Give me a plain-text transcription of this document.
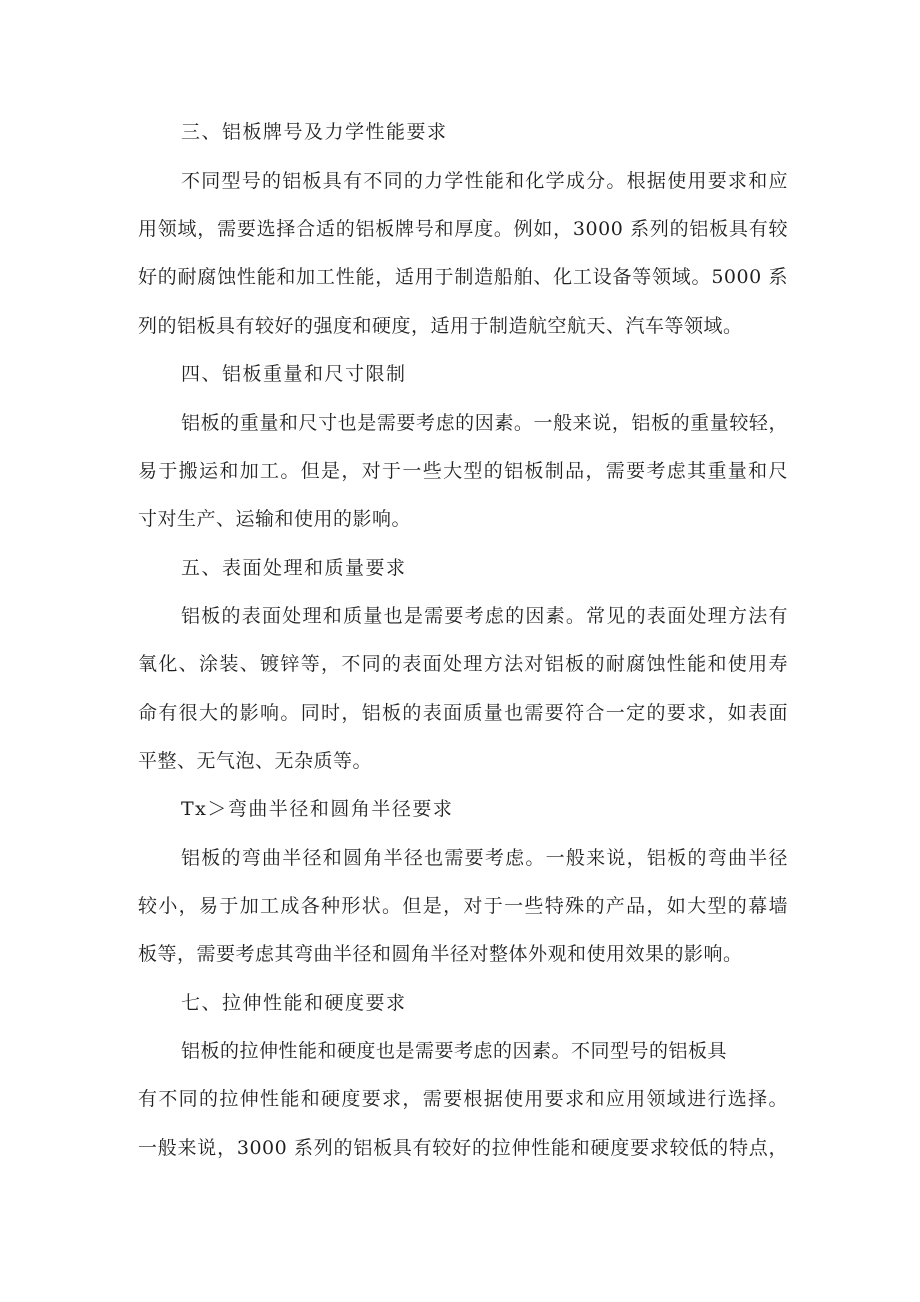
三、铝板牌号及力学性能要求
不同型号的铝板具有不同的力学性能和化学成分。根据使用要求和应
用领域，需要选择合适的铝板牌号和厚度。例如，3000 系列的铝板具有较
好的耐腐蚀性能和加工性能，适用于制造船舶、化工设备等领域。5000 系
列的铝板具有较好的强度和硬度，适用于制造航空航天、汽车等领域。
四、铝板重量和尺寸限制
铝板的重量和尺寸也是需要考虑的因素。一般来说，铝板的重量较轻，
易于搬运和加工。但是，对于一些大型的铝板制品，需要考虑其重量和尺
寸对生产、运输和使用的影响。
五、表面处理和质量要求
铝板的表面处理和质量也是需要考虑的因素。常见的表面处理方法有
氧化、涂装、镀锌等，不同的表面处理方法对铝板的耐腐蚀性能和使用寿
命有很大的影响。同时，铝板的表面质量也需要符合一定的要求，如表面
平整、无气泡、无杂质等。
Tx＞弯曲半径和圆角半径要求
铝板的弯曲半径和圆角半径也需要考虑。一般来说，铝板的弯曲半径
较小，易于加工成各种形状。但是，对于一些特殊的产品，如大型的幕墙
板等，需要考虑其弯曲半径和圆角半径对整体外观和使用效果的影响。
七、拉伸性能和硬度要求
铝板的拉伸性能和硬度也是需要考虑的因素。不同型号的铝板具
有不同的拉伸性能和硬度要求，需要根据使用要求和应用领域进行选择。
一般来说，3000 系列的铝板具有较好的拉伸性能和硬度要求较低的特点，
